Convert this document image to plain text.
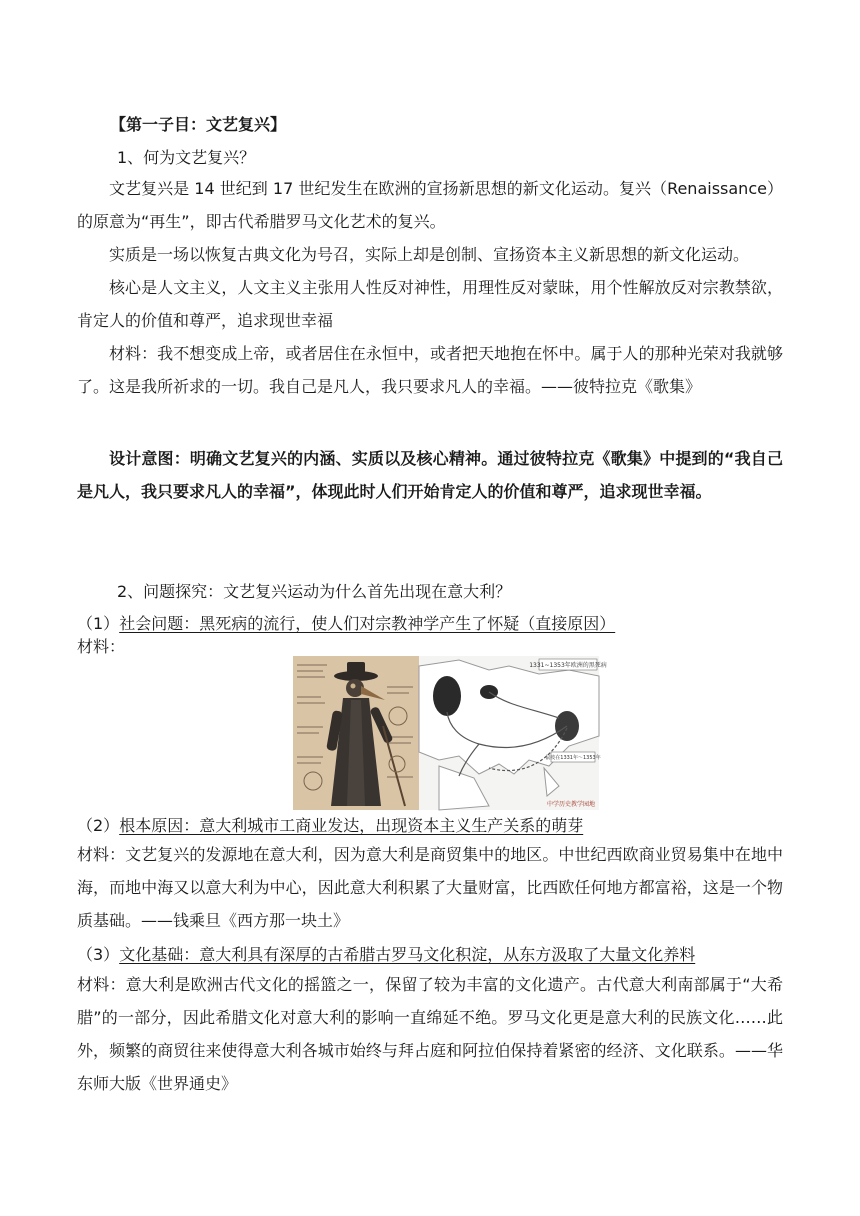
【第一子目：文艺复兴】
1、何为文艺复兴？
文艺复兴是 14 世纪到 17 世纪发生在欧洲的宣扬新思想的新文化运动。复兴（Renaissance）的原意为“再生”，即古代希腊罗马文化艺术的复兴。
实质是一场以恢复古典文化为号召，实际上却是创制、宣扬资本主义新思想的新文化运动。
核心是人文主义，人文主义主张用人性反对神性，用理性反对蒙昧，用个性解放反对宗教禁欲，肯定人的价值和尊严，追求现世幸福
材料：我不想变成上帝，或者居住在永恒中，或者把天地抱在怀中。属于人的那种光荣对我就够了。这是我所祈求的一切。我自己是凡人，我只要求凡人的幸福。——彼特拉克《歌集》
设计意图：明确文艺复兴的内涵、实质以及核心精神。通过彼特拉克《歌集》中提到的“我自己是凡人，我只要求凡人的幸福”，体现此时人们开始肯定人的价值和尊严，追求现世幸福。
2、问题探究：文艺复兴运动为什么首先出现在意大利？
（1）社会问题：黑死病的流行，使人们对宗教神学产生了怀疑（直接原因）
材料：
1331~1353年欧洲的黑死病
鼠疫在1331年～1353年
中学历史教学园地
（2）根本原因：意大利城市工商业发达，出现资本主义生产关系的萌芽
材料：文艺复兴的发源地在意大利，因为意大利是商贸集中的地区。中世纪西欧商业贸易集中在地中海，而地中海又以意大利为中心，因此意大利积累了大量财富，比西欧任何地方都富裕，这是一个物质基础。——钱乘旦《西方那一块土》
（3）文化基础：意大利具有深厚的古希腊古罗马文化积淀，从东方汲取了大量文化养料
材料：意大利是欧洲古代文化的摇篮之一，保留了较为丰富的文化遗产。古代意大利南部属于“大希腊”的一部分，因此希腊文化对意大利的影响一直绵延不绝。罗马文化更是意大利的民族文化……此外，频繁的商贸往来使得意大利各城市始终与拜占庭和阿拉伯保持着紧密的经济、文化联系。——华东师大版《世界通史》
